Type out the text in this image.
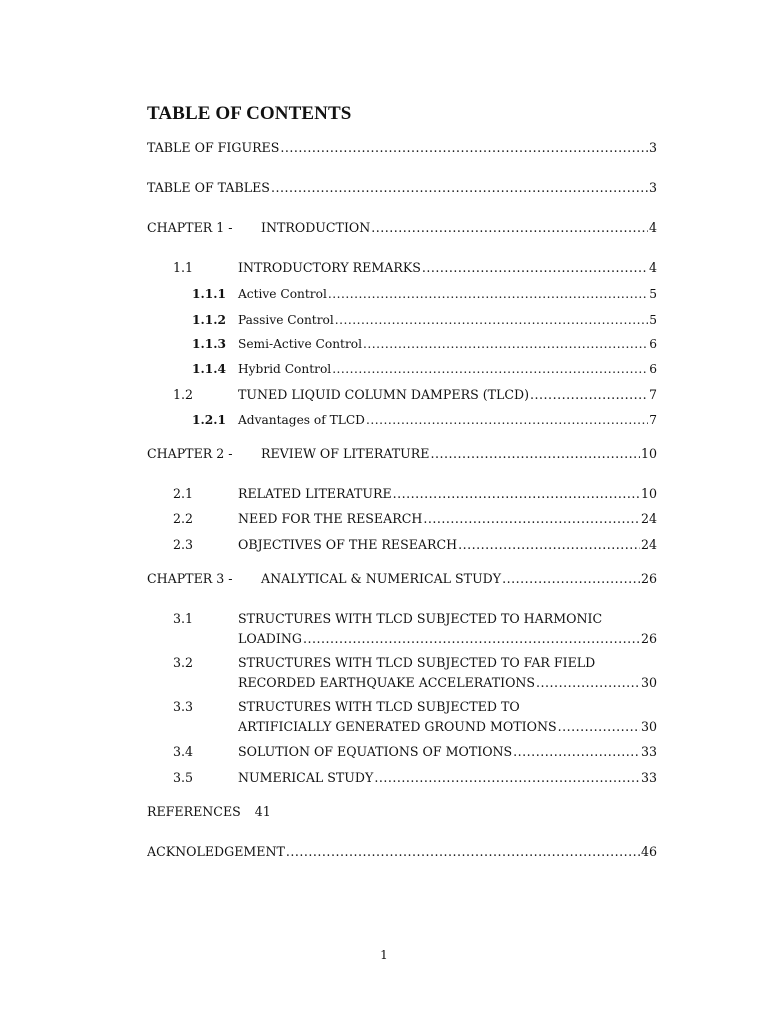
TABLE OF CONTENTS
TABLE OF FIGURES .....	3
TABLE OF TABLES .....	3
CHAPTER 1 -	INTRODUCTION .....	4
1.1	INTRODUCTORY REMARKS .....	4
1.1.1 Active Control .....	5
1.1.2 Passive Control .....	5
1.1.3 Semi-Active Control .....	6
1.1.4 Hybrid Control .....	6
1.2	TUNED LIQUID COLUMN DAMPERS (TLCD) .....	7
1.2.1 Advantages of TLCD .....	7
CHAPTER 2 -	REVIEW OF LITERATURE .....	10
2.1	RELATED LITERATURE .....	10
2.2	NEED FOR THE RESEARCH .....	24
2.3	OBJECTIVES OF THE RESEARCH .....	24
CHAPTER 3 -	ANALYTICAL & NUMERICAL STUDY .....	26
3.1	STRUCTURES WITH TLCD SUBJECTED TO HARMONIC
LOADING .....	26
3.2	STRUCTURES WITH TLCD SUBJECTED TO FAR FIELD
RECORDED EARTHQUAKE ACCELERATIONS .....	30
3.3	STRUCTURES WITH TLCD SUBJECTED TO
ARTIFICIALLY GENERATED GROUND MOTIONS .....	30
3.4	SOLUTION OF EQUATIONS OF MOTIONS .....	33
3.5	NUMERICAL STUDY .....	33
REFERENCES 41
ACKNOLEDGEMENT .....	46
1
